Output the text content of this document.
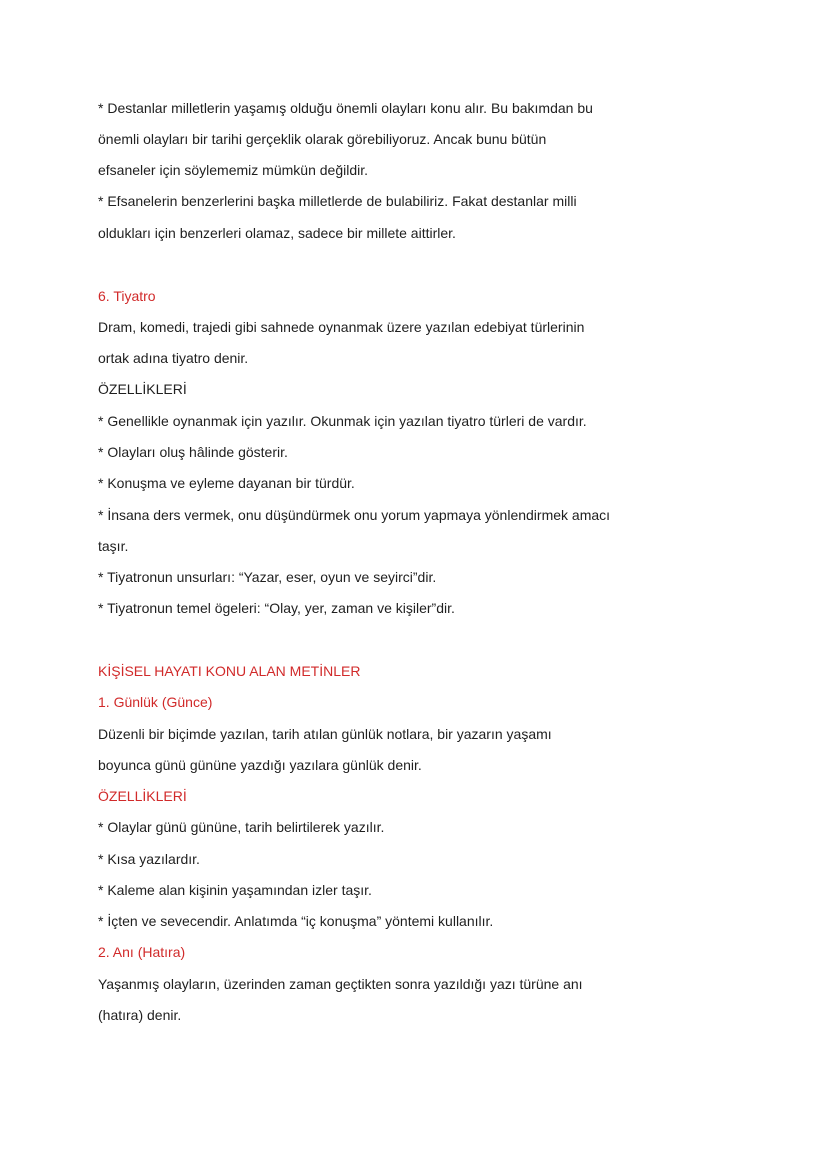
* Destanlar milletlerin yaşamış olduğu önemli olayları konu alır. Bu bakımdan bu
önemli olayları bir tarihi gerçeklik olarak görebiliyoruz. Ancak bunu bütün
efsaneler için söylememiz mümkün değildir.
* Efsanelerin benzerlerini başka milletlerde de bulabiliriz. Fakat destanlar milli
oldukları için benzerleri olamaz, sadece bir millete aittirler.
6. Tiyatro
Dram, komedi, trajedi gibi sahnede oynanmak üzere yazılan edebiyat türlerinin
ortak adına tiyatro denir.
ÖZELLİKLERİ
* Genellikle oynanmak için yazılır. Okunmak için yazılan tiyatro türleri de vardır.
* Olayları oluş hâlinde gösterir.
* Konuşma ve eyleme dayanan bir türdür.
* İnsana ders vermek, onu düşündürmek onu yorum yapmaya yönlendirmek amacı
taşır.
* Tiyatronun unsurları: “Yazar, eser, oyun ve seyirci”dir.
* Tiyatronun temel ögeleri: “Olay, yer, zaman ve kişiler”dir.
KİŞİSEL HAYATI KONU ALAN METİNLER
1. Günlük (Günce)
Düzenli bir biçimde yazılan, tarih atılan günlük notlara, bir yazarın yaşamı
boyunca günü gününe yazdığı yazılara günlük denir.
ÖZELLİKLERİ
* Olaylar günü gününe, tarih belirtilerek yazılır.
* Kısa yazılardır.
* Kaleme alan kişinin yaşamından izler taşır.
* İçten ve sevecendir. Anlatımda “iç konuşma” yöntemi kullanılır.
2. Anı (Hatıra)
Yaşanmış olayların, üzerinden zaman geçtikten sonra yazıldığı yazı türüne anı
(hatıra) denir.
